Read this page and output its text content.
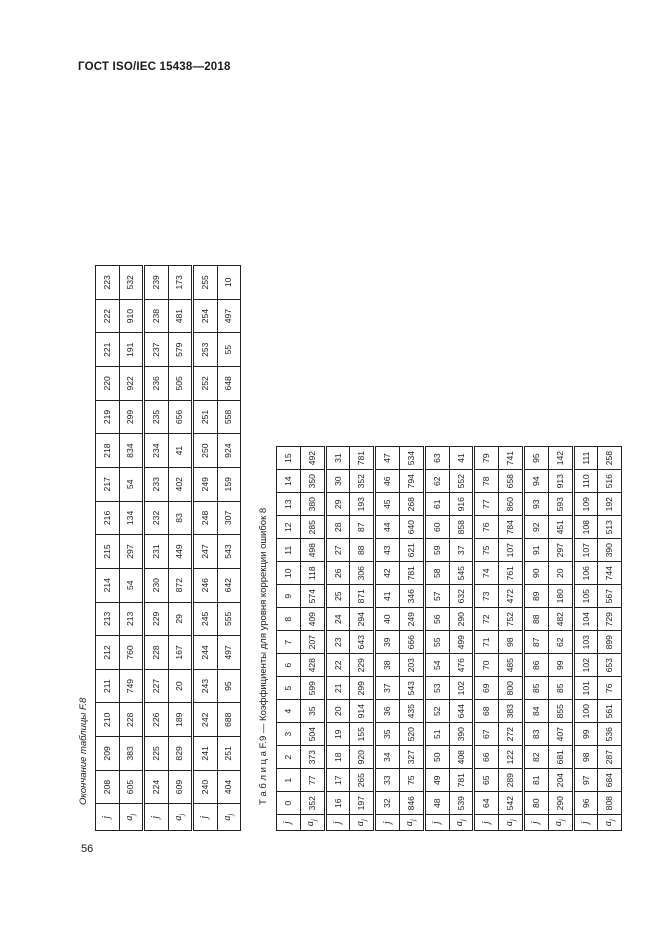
ГОСТ ISO/IEC 15438—2018
56
Окончание таблицы F.8	Т а б л и ц а F.9 — Коэффициенты для уровня коррекции ошибок 8
j	208	209	210	211	212	213	214	215	216	217	218	219	220	221	222	223
$a_j$	605	383	228	749	760	213	54	297	134	54	834	299	922	191	910	532
j	224	225	226	227	228	229	230	231	232	233	234	235	236	237	238	239
$a_j$	609	829	189	20	167	29	872	449	83	402	41	656	505	579	481	173
j	240	241	242	243	244	245	246	247	248	249	250	251	252	253	254	255
$a_j$	404	251	688	95	497	555	642	543	307	159	924	558	648	55	497	10
j	0	1	2	3	4	5	6	7	8	9	10	11	12	13	14	15
$a_j$	352	77	373	504	35	599	428	207	409	574	118	498	285	380	350	492
j	16	17	18	19	20	21	22	23	24	25	26	27	28	29	30	31
$a_j$	197	265	920	155	914	299	229	643	294	871	306	88	87	193	352	781
j	32	33	34	35	36	37	38	39	40	41	42	43	44	45	46	47
$a_j$	846	75	327	520	435	543	203	666	249	346	781	621	640	268	794	534
j	48	49	50	51	52	53	54	55	56	57	58	59	60	61	62	63
$a_j$	539	781	408	390	644	102	476	499	290	632	545	37	858	916	552	41
j	64	65	66	67	68	69	70	71	72	73	74	75	76	77	78	79
$a_j$	542	289	122	272	383	800	485	98	752	472	761	107	784	860	658	741
j	80	81	82	83	84	85	86	87	88	89	90	91	92	93	94	95
$a_j$	290	204	681	407	855	85	99	62	482	180	20	297	451	593	913	142
j	96	97	98	99	100	101	102	103	104	105	106	107	108	109	110	111
$a_j$	808	684	287	536	561	76	653	899	729	567	744	390	513	192	516	258
